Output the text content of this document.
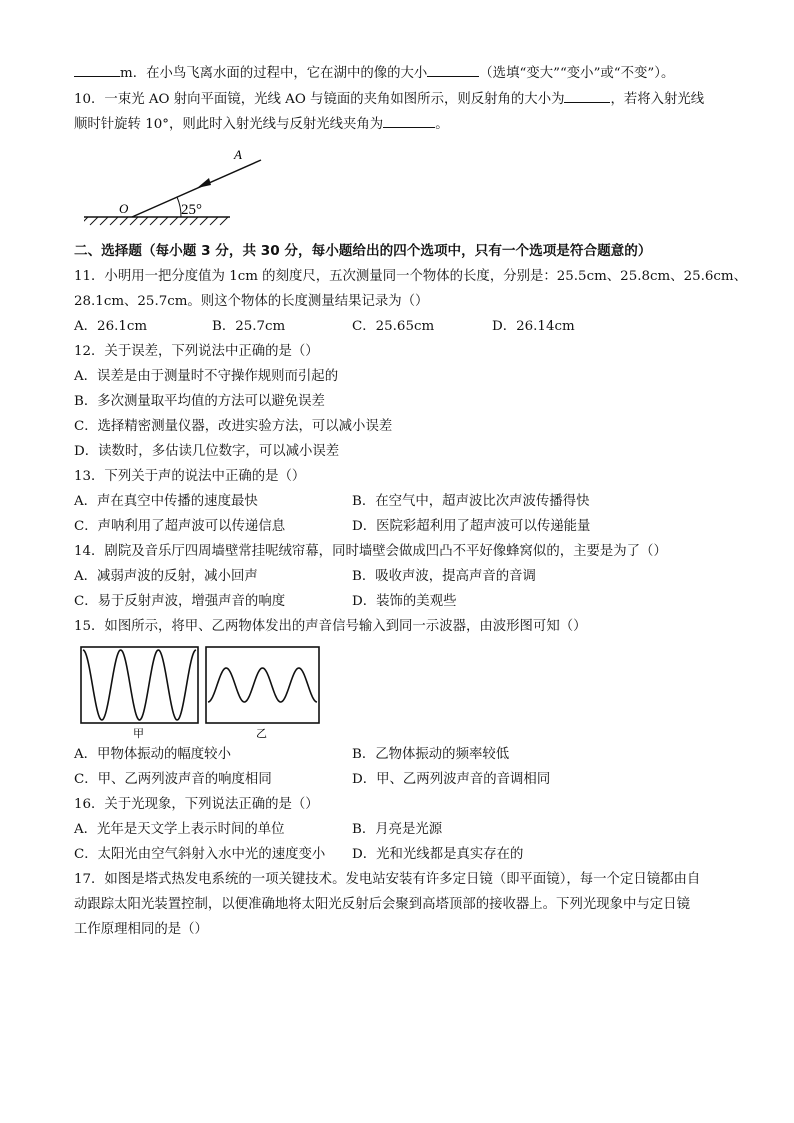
m．在小鸟飞离水面的过程中，它在湖中的像的大小	（选填“变大”“变小”或“不变”）。
10．一束光 AO 射向平面镜，光线 AO 与镜面的夹角如图所示，则反射角的大小为	，若将入射光线
顺时针旋转 10°，则此时入射光线与反射光线夹角为	。
A
O	25°
二、选择题（每小题 3 分，共 30 分，每小题给出的四个选项中，只有一个选项是符合题意的）
11．小明用一把分度值为 1cm 的刻度尺，五次测量同一个物体的长度，分别是：25.5cm、25.8cm、25.6cm、
28.1cm、25.7cm。则这个物体的长度测量结果记录为（）
A．26.1cm	B．25.7cm	C．25.65cm	D．26.14cm
12．关于误差，下列说法中正确的是（）
A．误差是由于测量时不守操作规则而引起的
B．多次测量取平均值的方法可以避免误差
C．选择精密测量仪器，改进实验方法，可以减小误差
D．读数时，多估读几位数字，可以减小误差
13．下列关于声的说法中正确的是（）
A．声在真空中传播的速度最快	B．在空气中，超声波比次声波传播得快
C．声呐利用了超声波可以传递信息	D．医院彩超利用了超声波可以传递能量
14．剧院及音乐厅四周墙壁常挂呢绒帘幕，同时墙壁会做成凹凸不平好像蜂窝似的，主要是为了（）
A．减弱声波的反射，减小回声	B．吸收声波，提高声音的音调
C．易于反射声波，增强声音的响度	D．装饰的美观些
15．如图所示，将甲、乙两物体发出的声音信号输入到同一示波器，由波形图可知（）
甲	乙
A．甲物体振动的幅度较小	B．乙物体振动的频率较低
C．甲、乙两列波声音的响度相同	D．甲、乙两列波声音的音调相同
16．关于光现象，下列说法正确的是（）
A．光年是天文学上表示时间的单位	B．月亮是光源
C．太阳光由空气斜射入水中光的速度变小 D．光和光线都是真实存在的
17．如图是塔式热发电系统的一项关键技术。发电站安装有许多定日镜（即平面镜），每一个定日镜都由自
动跟踪太阳光装置控制，以便准确地将太阳光反射后会聚到高塔顶部的接收器上。下列光现象中与定日镜
工作原理相同的是（）
